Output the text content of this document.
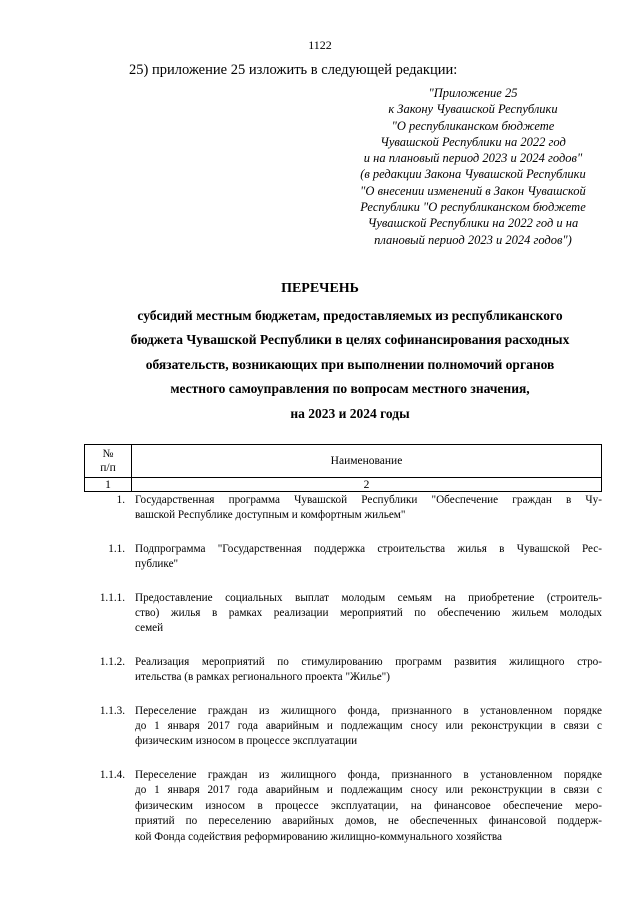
1122
25) приложение 25 изложить в следующей редакции:
"Приложение 25
к Закону Чувашской Республики
"О республиканском бюджете
Чувашской Республики на 2022 год
и на плановый период 2023 и 2024 годов"
(в редакции Закона Чувашской Республики
"О внесении изменений в Закон Чувашской
Республики "О республиканском бюджете
Чувашской Республики на 2022 год и на
плановый период 2023 и 2024 годов")
ПЕРЕЧЕНЬ
субсидий местным бюджетам, предоставляемых из республиканского
бюджета Чувашской Республики в целях софинансирования расходных
обязательств, возникающих при выполнении полномочий органов
местного самоуправления по вопросам местного значения,
на 2023 и 2024 годы
№
п/п	Наименование
1	2
1. Государственная программа Чувашской Республики "Обеспечение граждан в Чу-
вашской Республике доступным и комфортным жильем"
1.1. Подпрограмма "Государственная поддержка строительства жилья в Чувашской Рес-
публике"
1.1.1. Предоставление социальных выплат молодым семьям на приобретение (строитель-
ство) жилья в рамках реализации мероприятий по обеспечению жильем молодых
семей
1.1.2. Реализация мероприятий по стимулированию программ развития жилищного стро-
ительства (в рамках регионального проекта "Жилье")
1.1.3. Переселение граждан из жилищного фонда, признанного в установленном порядке
до 1 января 2017 года аварийным и подлежащим сносу или реконструкции в связи с
физическим износом в процессе эксплуатации
1.1.4. Переселение граждан из жилищного фонда, признанного в установленном порядке
до 1 января 2017 года аварийным и подлежащим сносу или реконструкции в связи с
физическим износом в процессе эксплуатации, на финансовое обеспечение меро-
приятий по переселению аварийных домов, не обеспеченных финансовой поддерж-
кой Фонда содействия реформированию жилищно-коммунального хозяйства
